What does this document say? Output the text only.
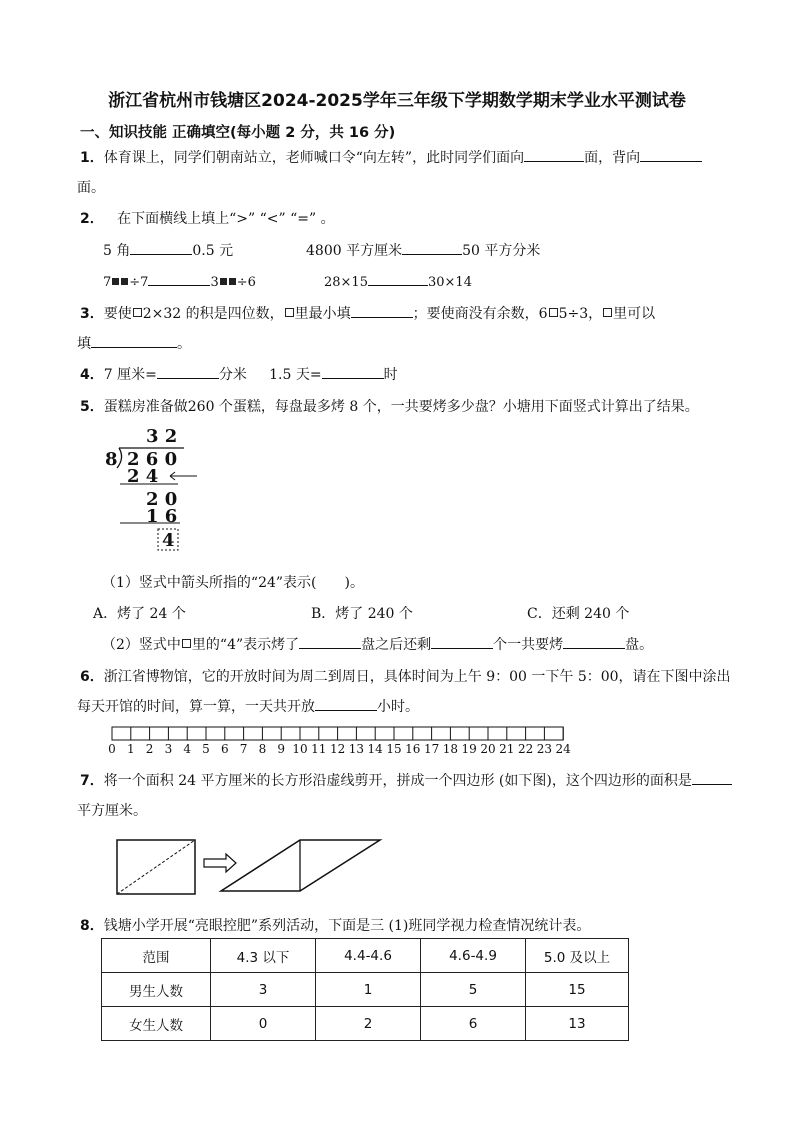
浙江省杭州市钱塘区2024-2025学年三年级下学期数学期末学业水平测试卷
一、知识技能 正确填空(每小题 2 分，共 16 分)
1．体育课上，同学们朝南站立，老师喊口令“向左转”，此时同学们面向	面，背向
面。
2． 在下面横线上填上“>” “<” “=” 。
5 角	0.5 元	4800 平方厘米	50 平方分米
7 ÷7	3 ÷6	28×15	30×14
3．要使 2×32 的积是四位数， 里最小填	；要使商没有余数，6 5÷3， 里可以
填	。
4．7 厘米=	分米 1.5 天=	时
5．蛋糕房准备做260 个蛋糕，每盘最多烤 8 个，一共要烤多少盘？小塘用下面竖式计算出了结果。
3 2
8 2 6 0
2 4
2 0
1 6
4
（1）竖式中箭头所指的“24”表示(　　)。
A．烤了 24 个	B．烤了 240 个	C．还剩 240 个
（2）竖式中 里的“4”表示烤了	盘之后还剩	个一共要烤	盘。
6．浙江省博物馆，它的开放时间为周二到周日，具体时间为上午 9：00 一下午 5：00，请在下图中涂出
每天开馆的时间，算一算，一天共开放	小时。
0 1 2 3 4 5 6 7 8 9 10 11 12 13 14 15 16 17 18 19 20 21 22 23 24
7．将一个面积 24 平方厘米的长方形沿虚线剪开，拼成一个四边形 (如下图)，这个四边形的面积是
平方厘米。
8．钱塘小学开展“亮眼控肥”系列活动，下面是三 (1)班同学视力检查情况统计表。
范围	4.3 以下	4.4-4.6	4.6-4.9	5.0 及以上
男生人数	3	1	5	15
女生人数	0	2	6	13
